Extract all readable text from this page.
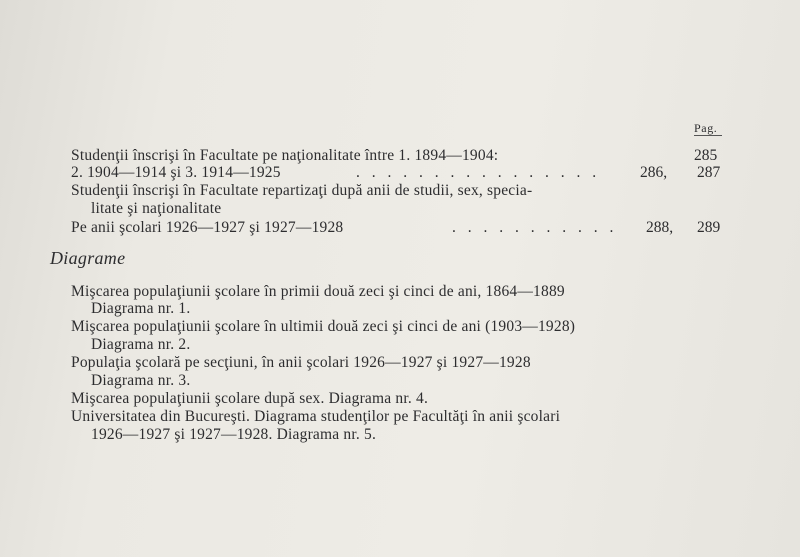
Pag.
Studenţii înscrişi în Facultate pe naţionalitate între 1. 1894—1904:	285
2. 1904—1914 şi 3. 1914—1925	. . . . . . . . . . . . . . . .	286, 287
Studenţii înscrişi în Facultate repartizaţi după anii de studii, sex, specia-
litate şi naţionalitate
Pe anii şcolari 1926—1927 şi 1927—1928	. . . . . . . . . . . 288, 289
Diagrame
Mişcarea populaţiunii şcolare în primii două zeci şi cinci de ani, 1864—1889
Diagrama nr. 1.
Mişcarea populaţiunii şcolare în ultimii două zeci şi cinci de ani (1903—1928)
Diagrama nr. 2.
Populaţia şcolară pe secţiuni, în anii şcolari 1926—1927 şi 1927—1928
Diagrama nr. 3.
Mişcarea populaţiunii şcolare după sex. Diagrama nr. 4.
Universitatea din Bucureşti. Diagrama studenţilor pe Facultăţi în anii şcolari
1926—1927 şi 1927—1928. Diagrama nr. 5.
